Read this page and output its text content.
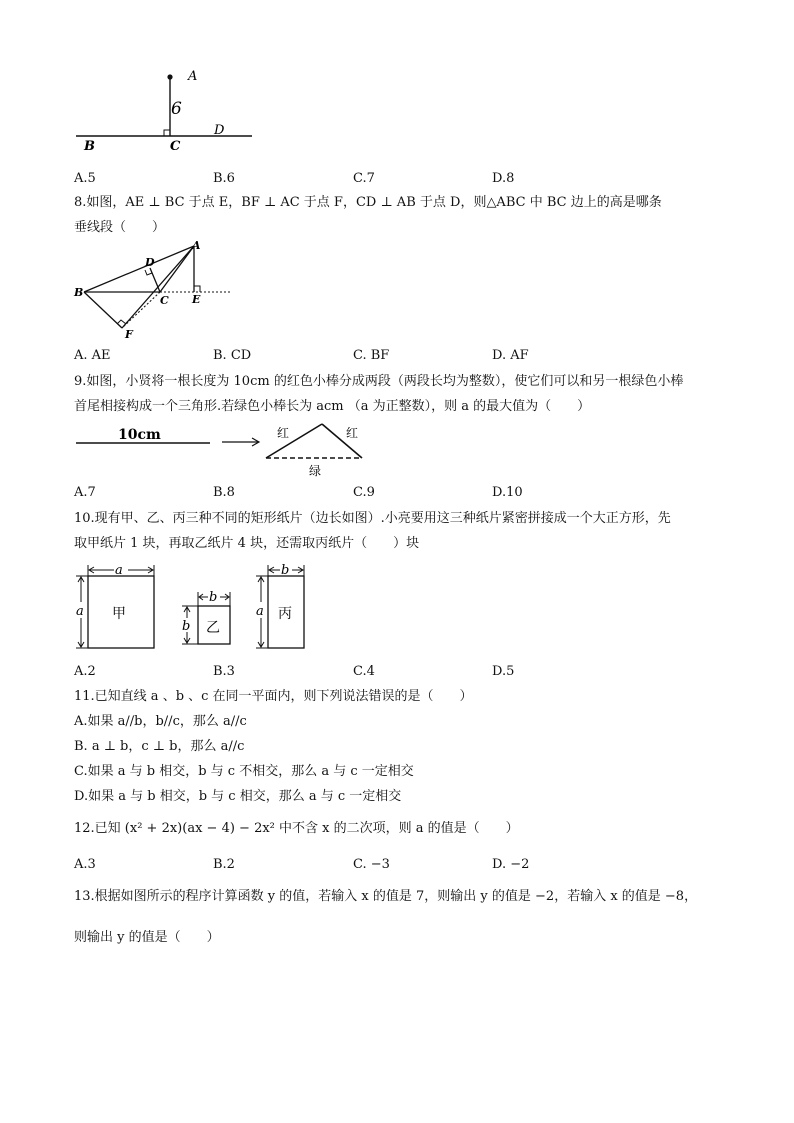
A
6
D
B	C
A.5	B.6	C.7	D.8
8.如图，AE ⊥ BC 于点 E，BF ⊥ AC 于点 F，CD ⊥ AB 于点 D，则△ABC 中 BC 边上的高是哪条
垂线段（　　）
A
B
C
D
E
F
A. AE	B. CD	C. BF	D. AF
9.如图，小贤将一根长度为 10cm 的红色小棒分成两段（两段长均为整数），使它们可以和另一根绿色小棒
首尾相接构成一个三角形.若绿色小棒长为 acm （a 为正整数），则 a 的最大值为（　　）
10cm	红	红
绿
A.7	B.8	C.9	D.10
10.现有甲、乙、丙三种不同的矩形纸片（边长如图）.小亮要用这三种纸片紧密拼接成一个大正方形，先
取甲纸片 1 块，再取乙纸片 4 块，还需取丙纸片（　　）块
a
a 甲
b
b 乙
b
a 丙
A.2	B.3	C.4	D.5
11.已知直线 a 、b 、c 在同一平面内，则下列说法错误的是（　　）
A.如果 a//b，b//c，那么 a//c
B. a ⊥ b，c ⊥ b，那么 a//c
C.如果 a 与 b 相交，b 与 c 不相交，那么 a 与 c 一定相交
D.如果 a 与 b 相交，b 与 c 相交，那么 a 与 c 一定相交
12.已知 (x² + 2x)(ax − 4) − 2x² 中不含 x 的二次项，则 a 的值是（　　）
A.3	B.2	C. −3	D. −2
13.根据如图所示的程序计算函数 y 的值，若输入 x 的值是 7，则输出 y 的值是 −2，若输入 x 的值是 −8，
则输出 y 的值是（　　）
